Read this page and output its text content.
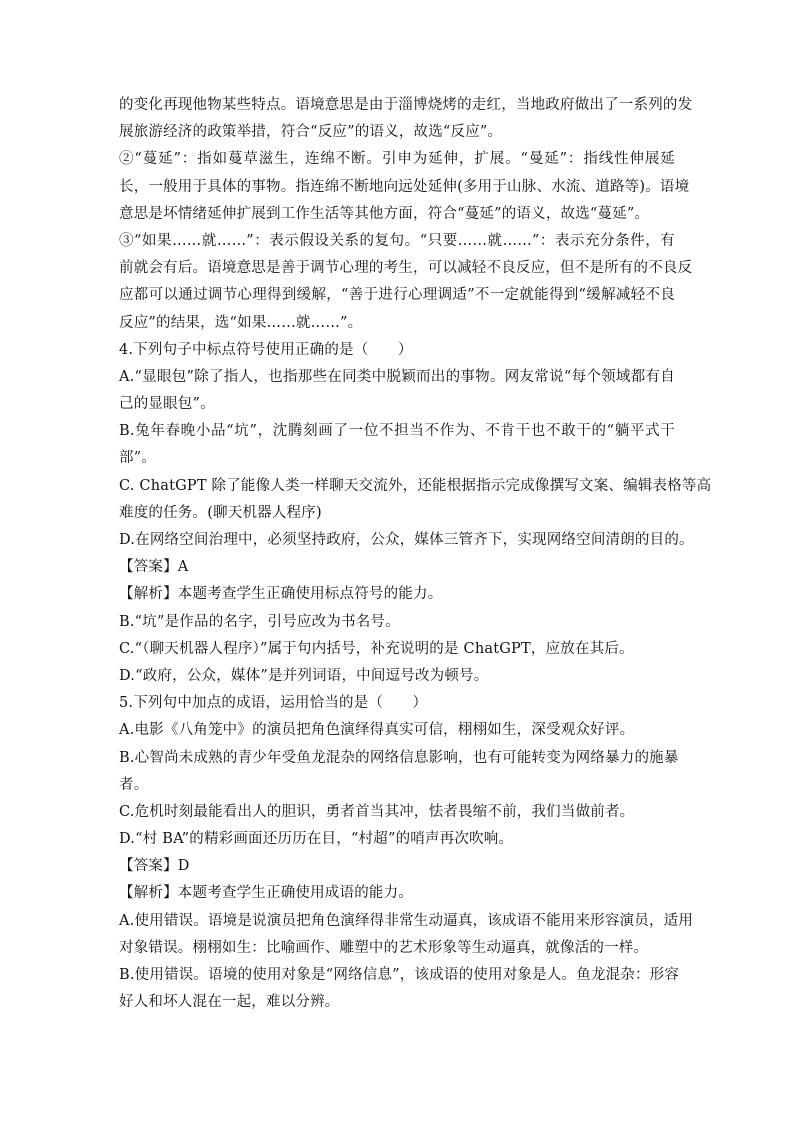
的变化再现他物某些特点。语境意思是由于淄博烧烤的走红，当地政府做出了一系列的发
展旅游经济的政策举措，符合“反应”的语义，故选“反应”。
②“蔓延”：指如蔓草滋生，连绵不断。引申为延伸，扩展。“曼延”：指线性伸展延
长，一般用于具体的事物。指连绵不断地向远处延伸(多用于山脉、水流、道路等)。语境
意思是坏情绪延伸扩展到工作生活等其他方面，符合“蔓延”的语义，故选“蔓延”。
③“如果……就……”：表示假设关系的复句。“只要……就……”：表示充分条件，有
前就会有后。语境意思是善于调节心理的考生，可以减轻不良反应，但不是所有的不良反
应都可以通过调节心理得到缓解，“善于进行心理调适”不一定就能得到“缓解减轻不良
反应”的结果，选“如果……就……”。
4.下列句子中标点符号使用正确的是（　　）
A.“显眼包”除了指人，也指那些在同类中脱颖而出的事物。网友常说“每个领域都有自
己的显眼包”。
B.兔年春晚小品“坑”，沈腾刻画了一位不担当不作为、不肯干也不敢干的“躺平式干
部”。
C. ChatGPT 除了能像人类一样聊天交流外，还能根据指示完成像撰写文案、编辑表格等高
难度的任务。(聊天机器人程序)
D.在网络空间治理中，必须坚持政府，公众，媒体三管齐下，实现网络空间清朗的目的。
【答案】A
【解析】本题考查学生正确使用标点符号的能力。
B.“坑”是作品的名字，引号应改为书名号。
C.“（聊天机器人程序）”属于句内括号，补充说明的是 ChatGPT，应放在其后。
D.“政府，公众，媒体”是并列词语，中间逗号改为顿号。
5.下列句中加点的成语，运用恰当的是（　　）
A.电影《八角笼中》的演员把角色演绎得真实可信，栩栩如生，深受观众好评。
B.心智尚未成熟的青少年受鱼龙混杂的网络信息影响，也有可能转变为网络暴力的施暴
者。
C.危机时刻最能看出人的胆识，勇者首当其冲，怯者畏缩不前，我们当做前者。
D.“村 BA”的精彩画面还历历在目，“村超”的哨声再次吹响。
【答案】D
【解析】本题考查学生正确使用成语的能力。
A.使用错误。语境是说演员把角色演绎得非常生动逼真，该成语不能用来形容演员，适用
对象错误。栩栩如生：比喻画作、雕塑中的艺术形象等生动逼真，就像活的一样。
B.使用错误。语境的使用对象是“网络信息”，该成语的使用对象是人。鱼龙混杂：形容
好人和坏人混在一起，难以分辨。
